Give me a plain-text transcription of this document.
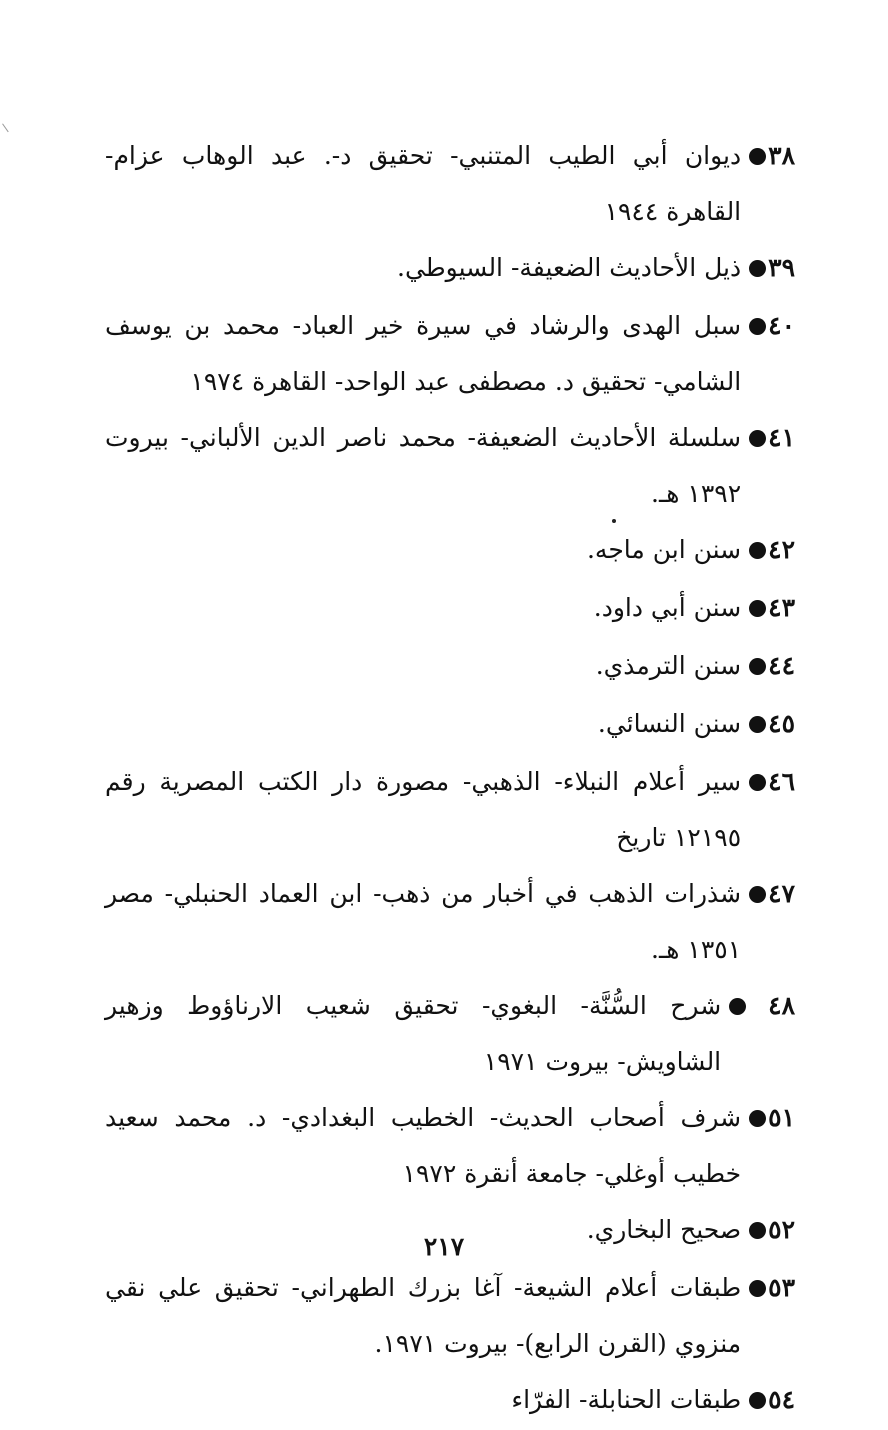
٣٨
ديوان أبي الطيب المتنبي- تحقيق د-. عبد الوهاب عزام- القاهرة ١٩٤٤
٣٩
ذيل الأحاديث الضعيفة- السيوطي.
٤٠
سبل الهدى والرشاد في سيرة خير العباد- محمد بن يوسف الشامي- تحقيق د. مصطفى عبد الواحد- القاهرة ١٩٧٤
٤١
سلسلة الأحاديث الضعيفة- محمد ناصر الدين الألباني- بيروت ١٣٩٢ هـ.
٤٢
سنن ابن ماجه.
٤٣
سنن أبي داود.
٤٤
سنن الترمذي.
٤٥
سنن النسائي.
٤٦
سير أعلام النبلاء- الذهبي- مصورة دار الكتب المصرية رقم ١٢١٩٥ تاريخ
٤٧
شذرات الذهب في أخبار من ذهب- ابن العماد الحنبلي- مصر ١٣٥١ هـ.
٤٨
شرح السُّنَّة- البغوي- تحقيق شعيب الارناؤوط وزهير الشاويش- بيروت ١٩٧١
٥١
شرف أصحاب الحديث- الخطيب البغدادي- د. محمد سعيد خطيب أوغلي- جامعة أنقرة ١٩٧٢
٥٢
صحيح البخاري.
٥٣
طبقات أعلام الشيعة- آغا بزرك الطهراني- تحقيق علي نقي منزوي (القرن الرابع)- بيروت ١٩٧١.
٥٤
طبقات الحنابلة- الفرّاء
٢١٧
